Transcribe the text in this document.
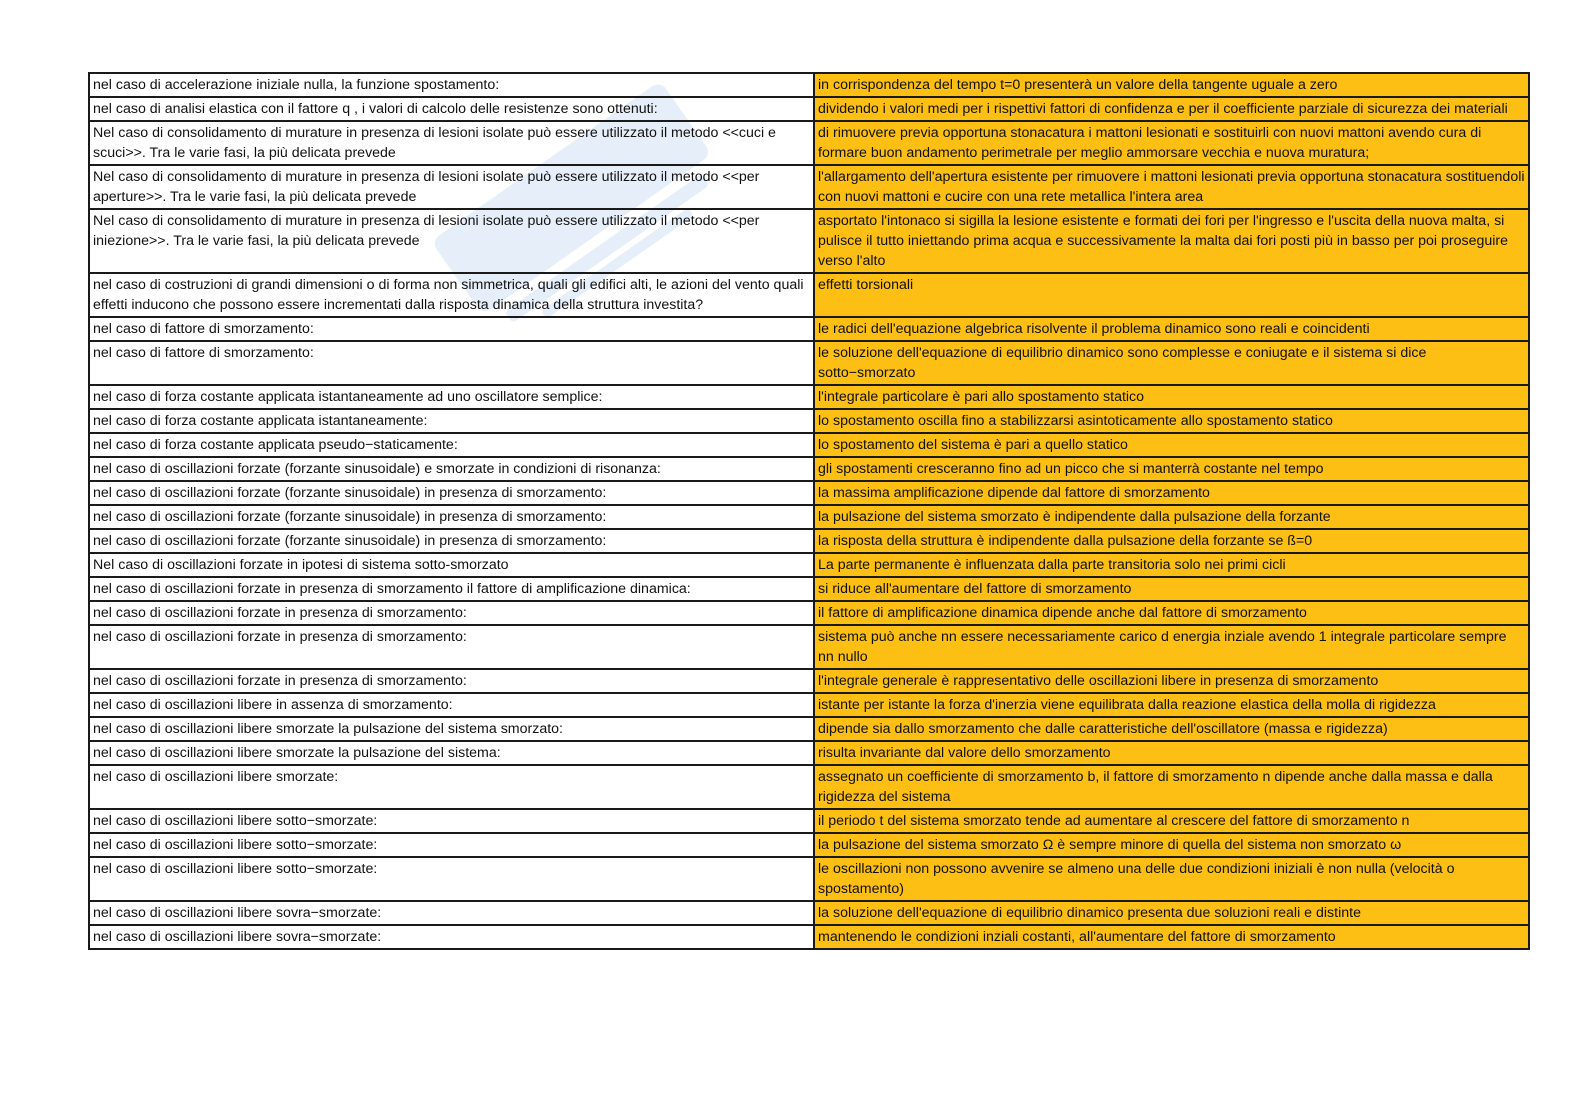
nel caso di accelerazione iniziale nulla, la funzione spostamento:	in corrispondenza del tempo t=0 presenterà un valore della tangente uguale a zero
nel caso di analisi elastica con il fattore q , i valori di calcolo delle resistenze sono ottenuti:	dividendo i valori medi per i rispettivi fattori di confidenza e per il coefficiente parziale di sicurezza dei materiali
Nel caso di consolidamento di murature in presenza di lesioni isolate può essere utilizzato il metodo <<cuci e scuci>>. Tra le varie fasi, la più delicata prevede	di rimuovere previa opportuna stonacatura i mattoni lesionati e sostituirli con nuovi mattoni avendo cura di formare buon andamento perimetrale per meglio ammorsare vecchia e nuova muratura;
Nel caso di consolidamento di murature in presenza di lesioni isolate può essere utilizzato il metodo <<per aperture>>. Tra le varie fasi, la più delicata prevede	l'allargamento dell'apertura esistente per rimuovere i mattoni lesionati previa opportuna stonacatura sostituendoli con nuovi mattoni e cucire con una rete metallica l'intera area
Nel caso di consolidamento di murature in presenza di lesioni isolate può essere utilizzato il metodo <<per iniezione>>. Tra le varie fasi, la più delicata prevede	asportato l'intonaco si sigilla la lesione esistente e formati dei fori per l'ingresso e l'uscita della nuova malta, si pulisce il tutto iniettando prima acqua e successivamente la malta dai fori posti più in basso per poi proseguire verso l'alto
nel caso di costruzioni di grandi dimensioni o di forma non simmetrica, quali gli edifici alti, le azioni del vento quali effetti inducono che possono essere incrementati dalla risposta dinamica della struttura investita?	effetti torsionali
nel caso di fattore di smorzamento:	le radici dell'equazione algebrica risolvente il problema dinamico sono reali e coincidenti
nel caso di fattore di smorzamento:	le soluzione dell'equazione di equilibrio dinamico sono complesse e coniugate e il sistema si dice sotto−smorzato
nel caso di forza costante applicata istantaneamente ad uno oscillatore semplice:	l'integrale particolare è pari allo spostamento statico
nel caso di forza costante applicata istantaneamente:	lo spostamento oscilla fino a stabilizzarsi asintoticamente allo spostamento statico
nel caso di forza costante applicata pseudo−staticamente:	lo spostamento del sistema è pari a quello statico
nel caso di oscillazioni forzate (forzante sinusoidale) e smorzate in condizioni di risonanza:	gli spostamenti cresceranno fino ad un picco che si manterrà costante nel tempo
nel caso di oscillazioni forzate (forzante sinusoidale) in presenza di smorzamento:	la massima amplificazione dipende dal fattore di smorzamento
nel caso di oscillazioni forzate (forzante sinusoidale) in presenza di smorzamento:	la pulsazione del sistema smorzato è indipendente dalla pulsazione della forzante
nel caso di oscillazioni forzate (forzante sinusoidale) in presenza di smorzamento:	la risposta della struttura è indipendente dalla pulsazione della forzante se ß=0
Nel caso di oscillazioni forzate in ipotesi di sistema sotto-smorzato	La parte permanente è influenzata dalla parte transitoria solo nei primi cicli
nel caso di oscillazioni forzate in presenza di smorzamento il fattore di amplificazione dinamica:	si riduce all'aumentare del fattore di smorzamento
nel caso di oscillazioni forzate in presenza di smorzamento:	il fattore di amplificazione dinamica dipende anche dal fattore di smorzamento
nel caso di oscillazioni forzate in presenza di smorzamento:	sistema può anche nn essere necessariamente carico d energia inziale avendo 1 integrale particolare sempre nn nullo
nel caso di oscillazioni forzate in presenza di smorzamento:	l'integrale generale è rappresentativo delle oscillazioni libere in presenza di smorzamento
nel caso di oscillazioni libere in assenza di smorzamento:	istante per istante la forza d'inerzia viene equilibrata dalla reazione elastica della molla di rigidezza
nel caso di oscillazioni libere smorzate la pulsazione del sistema smorzato:	dipende sia dallo smorzamento che dalle caratteristiche dell'oscillatore (massa e rigidezza)
nel caso di oscillazioni libere smorzate la pulsazione del sistema:	risulta invariante dal valore dello smorzamento
nel caso di oscillazioni libere smorzate:	assegnato un coefficiente di smorzamento b, il fattore di smorzamento n dipende anche dalla massa e dalla rigidezza del sistema
nel caso di oscillazioni libere sotto−smorzate:	il periodo t del sistema smorzato tende ad aumentare al crescere del fattore di smorzamento n
nel caso di oscillazioni libere sotto−smorzate:	la pulsazione del sistema smorzato Ω è sempre minore di quella del sistema non smorzato ω
nel caso di oscillazioni libere sotto−smorzate:	le oscillazioni non possono avvenire se almeno una delle due condizioni iniziali è non nulla (velocità o spostamento)
nel caso di oscillazioni libere sovra−smorzate:	la soluzione dell'equazione di equilibrio dinamico presenta due soluzioni reali e distinte
nel caso di oscillazioni libere sovra−smorzate:	mantenendo le condizioni inziali costanti, all'aumentare del fattore di smorzamento
